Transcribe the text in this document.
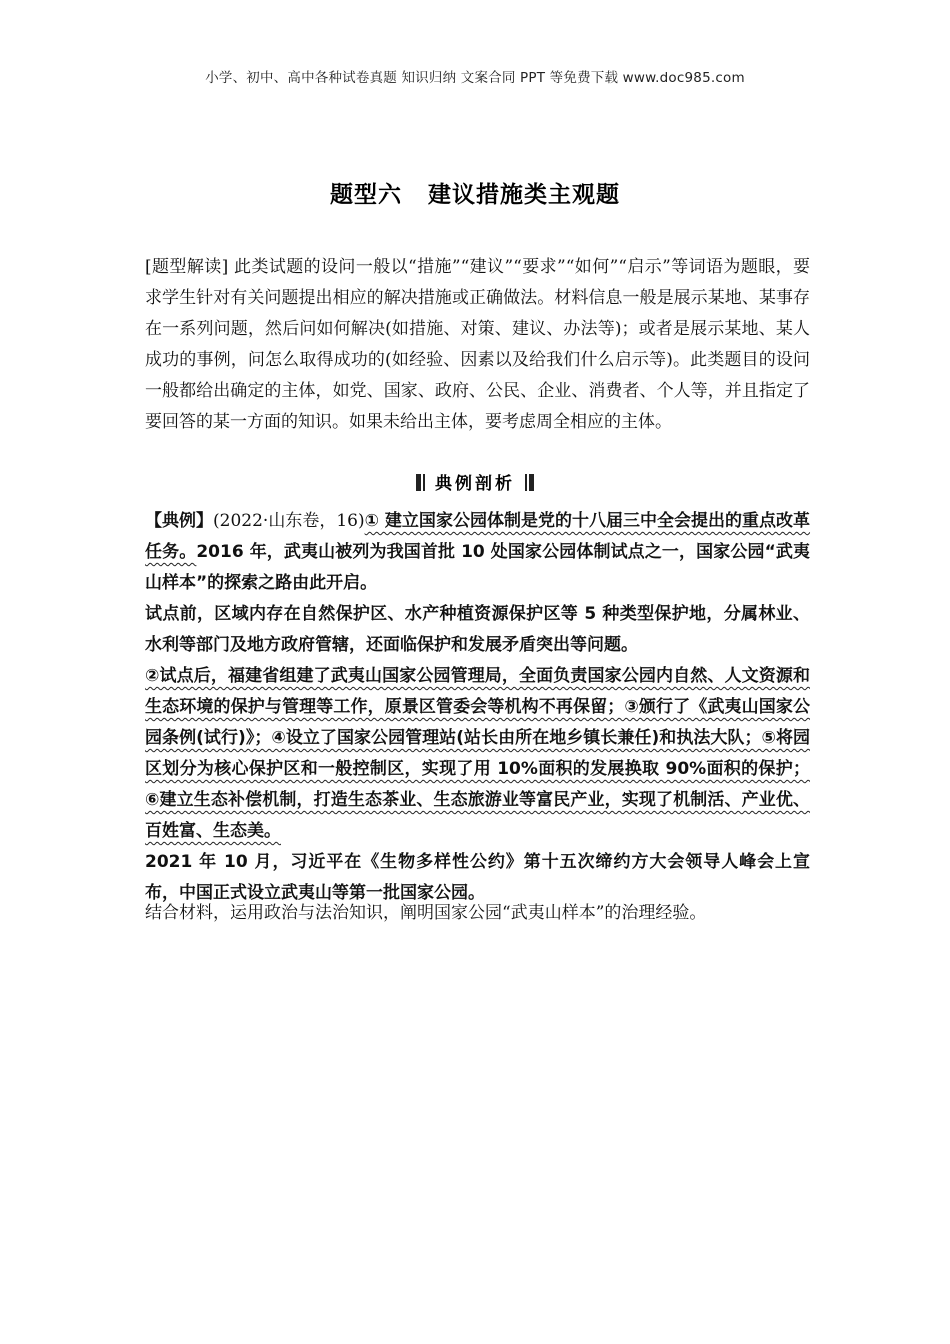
小学、初中、高中各种试卷真题 知识归纳 文案合同 PPT 等免费下载 www.doc985.com
题型六 建议措施类主观题

[题型解读] 此类试题的设问一般以“措施”“建议”“要求”“如何”“启示”等词语为题眼，要求学生针对有关问题提出相应的解决措施或正确做法。材料信息一般是展示某地、某事存在一系列问题，然后问如何解决(如措施、对策、建议、办法等)；或者是展示某地、某人成功的事例，问怎么取得成功的(如经验、因素以及给我们什么启示等)。此类题目的设问一般都给出确定的主体，如党、国家、政府、公民、企业、消费者、个人等，并且指定了要回答的某一方面的知识。如果未给出主体，要考虑周全相应的主体。

典例剖析

【典例】(2022·山东卷，16)① 建立国家公园体制是党的十八届三中全会提出的重点改革任务。2016 年，武夷山被列为我国首批 10 处国家公园体制试点之一，国家公园“武夷山样本”的探索之路由此开启。

试点前，区域内存在自然保护区、水产种植资源保护区等 5 种类型保护地，分属林业、水利等部门及地方政府管辖，还面临保护和发展矛盾突出等问题。

②试点后，福建省组建了武夷山国家公园管理局，全面负责国家公园内自然、人文资源和生态环境的保护与管理等工作，原景区管委会等机构不再保留；③颁行了《武夷山国家公园条例(试行)》；④设立了国家公园管理站(站长由所在地乡镇长兼任)和执法大队；⑤将园区划分为核心保护区和一般控制区，实现了用 10%面积的发展换取 90%面积的保护；⑥建立生态补偿机制，打造生态茶业、生态旅游业等富民产业，实现了机制活、产业优、百姓富、生态美。

2021 年 10 月，习近平在《生物多样性公约》第十五次缔约方大会领导人峰会上宣布，中国正式设立武夷山等第一批国家公园。

结合材料，运用政治与法治知识，阐明国家公园“武夷山样本”的治理经验。
